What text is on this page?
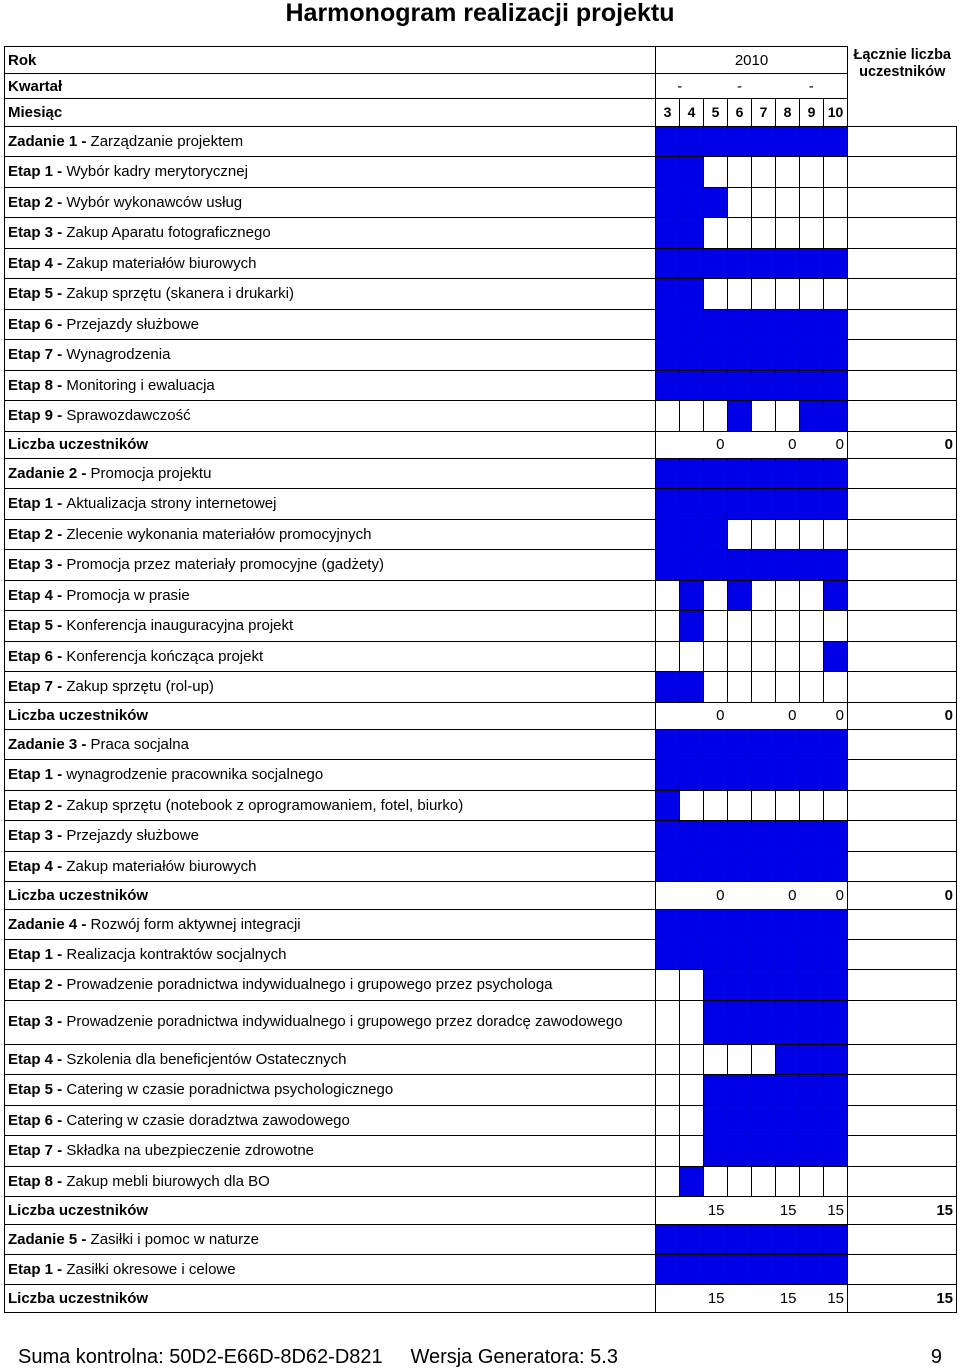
Harmonogram realizacji projektu
Rok	2010								Łącznie liczba uczestników
Kwartał	-		-			-			
Miesiąc	3	4	5	6	7	8	9	10	
Zadanie 1 - Zarządzanie projektem									
Etap 1 - Wybór kadry merytorycznej									
Etap 2 - Wybór wykonawców usług									
Etap 3 - Zakup Aparatu fotograficznego									
Etap 4 - Zakup materiałów biurowych									
Etap 5 - Zakup sprzętu (skanera i drukarki)									
Etap 6 - Przejazdy służbowe									
Etap 7 - Wynagrodzenia									
Etap 8 - Monitoring i ewaluacja									
Etap 9 - Sprawozdawczość									
Liczba uczestników	0			0			0		0
Zadanie 2 - Promocja projektu									
Etap 1 - Aktualizacja strony internetowej									
Etap 2 - Zlecenie wykonania materiałów promocyjnych									
Etap 3 - Promocja przez materiały promocyjne (gadżety)									
Etap 4 - Promocja w prasie									
Etap 5 - Konferencja inauguracyjna projekt									
Etap 6 - Konferencja kończąca projekt									
Etap 7 - Zakup sprzętu (rol-up)									
Liczba uczestników	0			0			0		0
Zadanie 3 - Praca socjalna									
Etap 1 - wynagrodzenie pracownika socjalnego									
Etap 2 - Zakup sprzętu (notebook z oprogramowaniem, fotel, biurko)									
Etap 3 - Przejazdy służbowe									
Etap 4 - Zakup materiałów biurowych									
Liczba uczestników	0			0			0		0
Zadanie 4 - Rozwój form aktywnej integracji									
Etap 1 - Realizacja kontraktów socjalnych									
Etap 2 - Prowadzenie poradnictwa indywidualnego i grupowego przez psychologa									
Etap 3 - Prowadzenie poradnictwa indywidualnego i grupowego przez doradcę zawodowego									
Etap 4 - Szkolenia dla beneficjentów Ostatecznych									
Etap 5 - Catering w czasie poradnictwa psychologicznego									
Etap 6 - Catering w czasie doradztwa zawodowego									
Etap 7 - Składka na ubezpieczenie zdrowotne									
Etap 8 - Zakup mebli biurowych dla BO									
Liczba uczestników	15			15			15		15
Zadanie 5 - Zasiłki i pomoc w naturze									
Etap 1 - Zasiłki okresowe i celowe									
Liczba uczestników	15			15			15		15
Suma kontrolna: 50D2-E66D-8D62-D821 Wersja Generatora: 5.3	9
